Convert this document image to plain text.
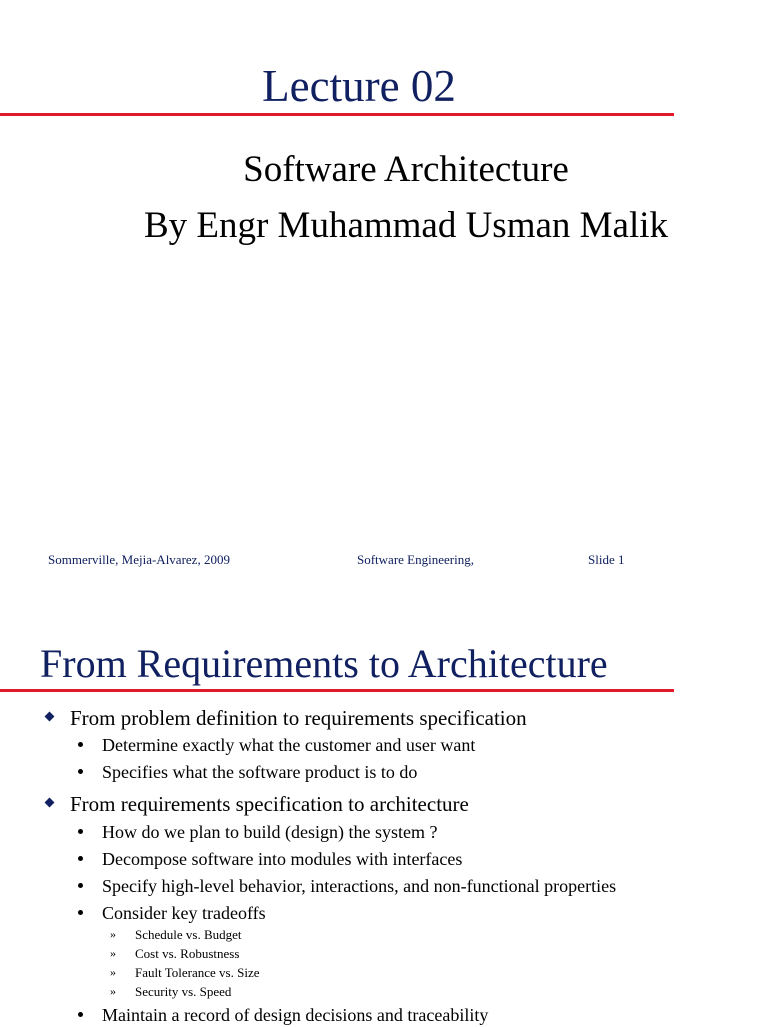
Lecture 02
Software Architecture
By Engr Muhammad Usman Malik
Sommerville, Mejia-Alvarez, 2009	Software Engineering,	Slide 1
From Requirements to Architecture
From problem definition to requirements specification
Determine exactly what the customer and user want
Specifies what the software product is to do
From requirements specification to architecture
How do we plan to build (design) the system ?
Decompose software into modules with interfaces
Specify high-level behavior, interactions, and non-functional properties
Consider key tradeoffs
» Schedule vs. Budget
» Cost vs. Robustness
» Fault Tolerance vs. Size
» Security vs. Speed
Maintain a record of design decisions and traceability
